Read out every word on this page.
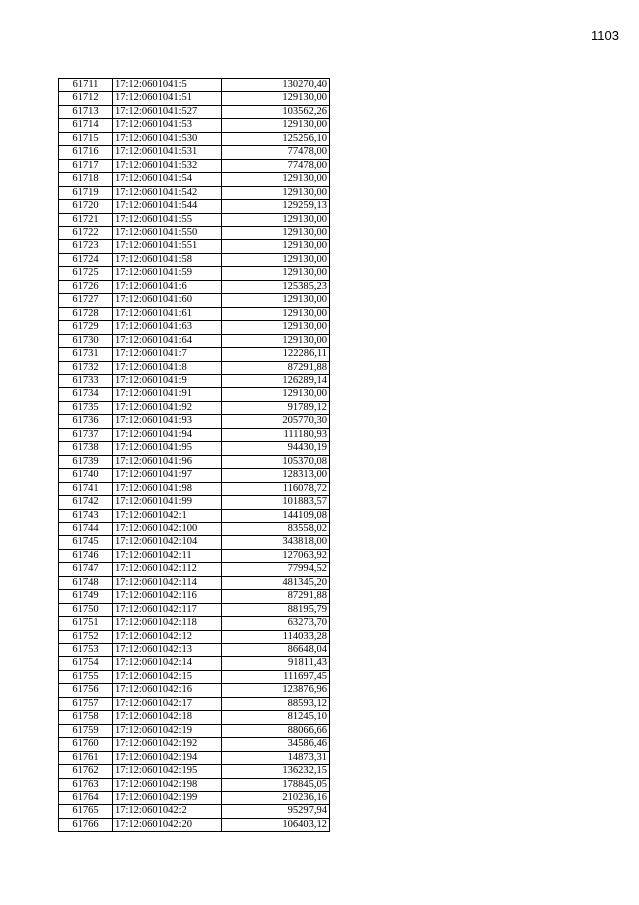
1103
61711	17:12:0601041:5	130270,40
61712	17:12:0601041:51	129130,00
61713	17:12:0601041:527	103562,26
61714	17:12:0601041:53	129130,00
61715	17:12:0601041:530	125256,10
61716	17:12:0601041:531	77478,00
61717	17:12:0601041:532	77478,00
61718	17:12:0601041:54	129130,00
61719	17:12:0601041:542	129130,00
61720	17:12:0601041:544	129259,13
61721	17:12:0601041:55	129130,00
61722	17:12:0601041:550	129130,00
61723	17:12:0601041:551	129130,00
61724	17:12:0601041:58	129130,00
61725	17:12:0601041:59	129130,00
61726	17:12:0601041:6	125385,23
61727	17:12:0601041:60	129130,00
61728	17:12:0601041:61	129130,00
61729	17:12:0601041:63	129130,00
61730	17:12:0601041:64	129130,00
61731	17:12:0601041:7	122286,11
61732	17:12:0601041:8	87291,88
61733	17:12:0601041:9	126289,14
61734	17:12:0601041:91	129130,00
61735	17:12:0601041:92	91789,12
61736	17:12:0601041:93	205770,30
61737	17:12:0601041:94	111180,93
61738	17:12:0601041:95	94430,19
61739	17:12:0601041:96	105370,08
61740	17:12:0601041:97	128313,00
61741	17:12:0601041:98	116078,72
61742	17:12:0601041:99	101883,57
61743	17:12:0601042:1	144109,08
61744	17:12:0601042:100	83558,02
61745	17:12:0601042:104	343818,00
61746	17:12:0601042:11	127063,92
61747	17:12:0601042:112	77994,52
61748	17:12:0601042:114	481345,20
61749	17:12:0601042:116	87291,88
61750	17:12:0601042:117	88195,79
61751	17:12:0601042:118	63273,70
61752	17:12:0601042:12	114033,28
61753	17:12:0601042:13	86648,04
61754	17:12:0601042:14	91811,43
61755	17:12:0601042:15	111697,45
61756	17:12:0601042:16	123876,96
61757	17:12:0601042:17	88593,12
61758	17:12:0601042:18	81245,10
61759	17:12:0601042:19	88066,66
61760	17:12:0601042:192	34586,46
61761	17:12:0601042:194	14873,31
61762	17:12:0601042:195	136232,15
61763	17:12:0601042:198	178845,05
61764	17:12:0601042:199	210236,16
61765	17:12:0601042:2	95297,94
61766	17:12:0601042:20	106403,12
